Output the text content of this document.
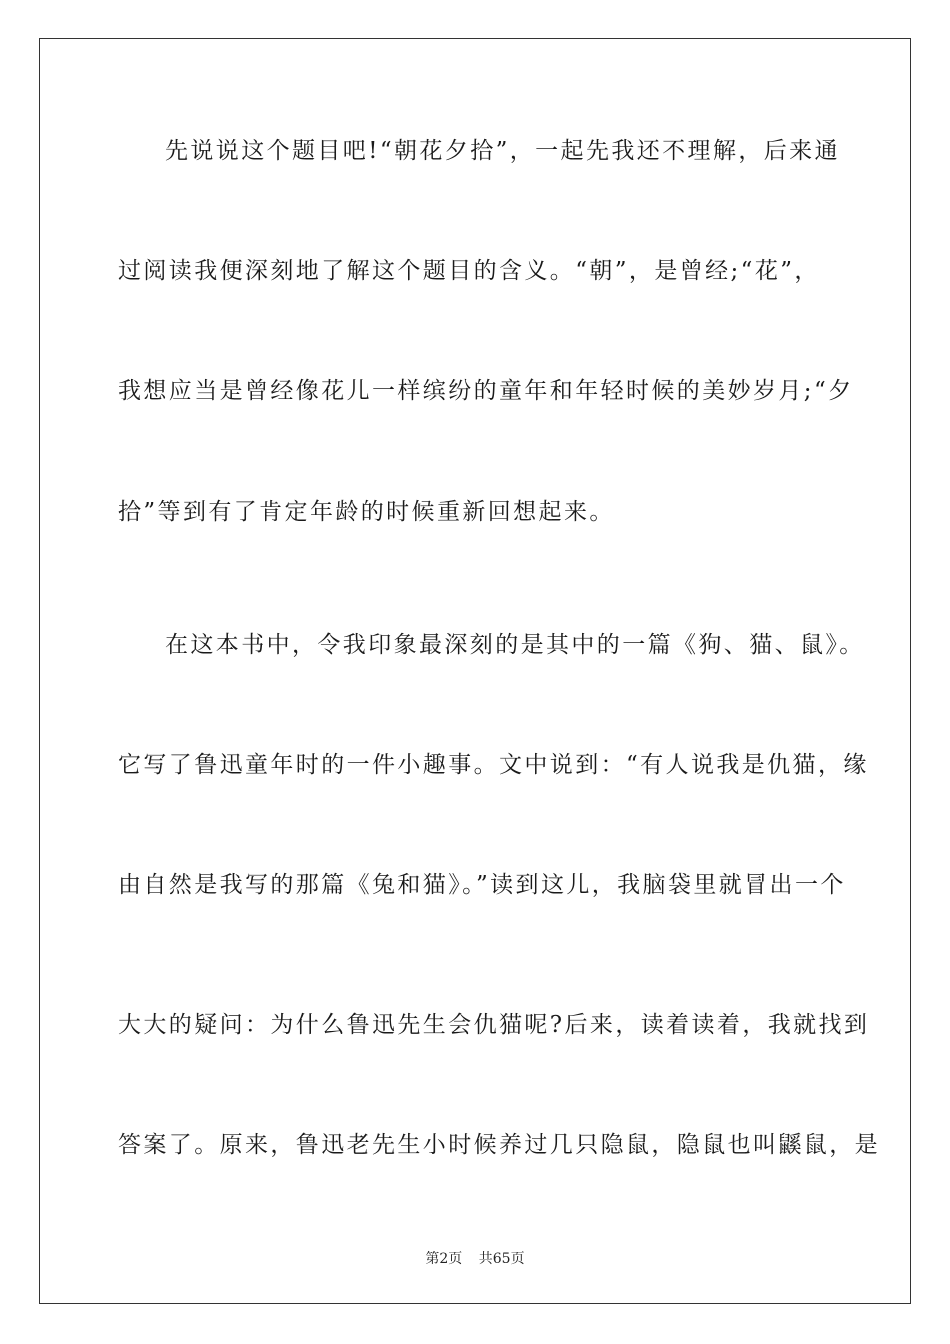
先说说这个题目吧!“朝花夕拾”，一起先我还不理解，后来通
过阅读我便深刻地了解这个题目的含义。“朝”，是曾经;“花”，
我想应当是曾经像花儿一样缤纷的童年和年轻时候的美妙岁月;“夕
拾”等到有了肯定年龄的时候重新回想起来。
在这本书中，令我印象最深刻的是其中的一篇《狗、猫、鼠》。
它写了鲁迅童年时的一件小趣事。文中说到：“有人说我是仇猫，缘
由自然是我写的那篇《兔和猫》。”读到这儿，我脑袋里就冒出一个
大大的疑问：为什么鲁迅先生会仇猫呢?后来，读着读着，我就找到
答案了。原来，鲁迅老先生小时候养过几只隐鼠，隐鼠也叫鼷鼠，是
第2页 共65页
